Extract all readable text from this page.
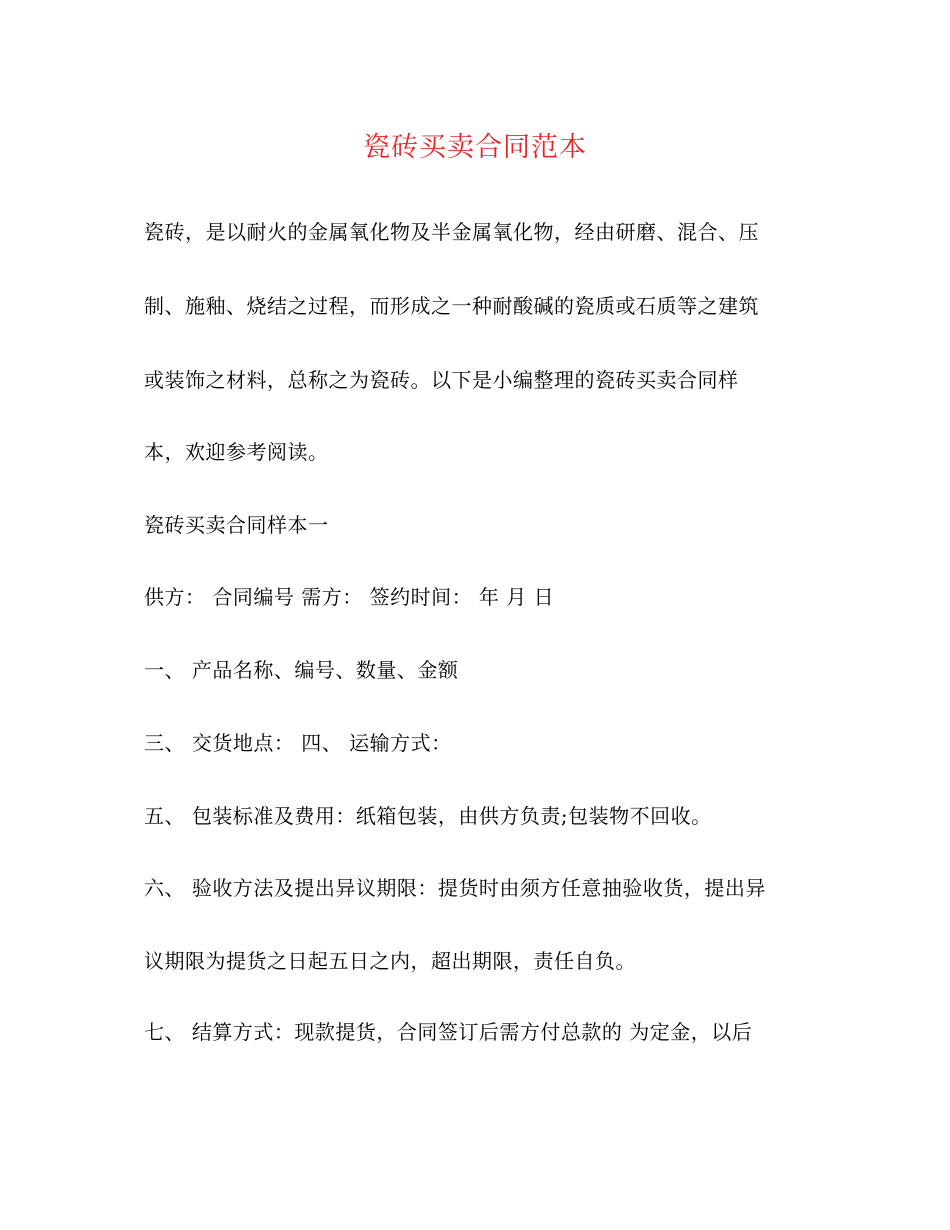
瓷砖买卖合同范本
瓷砖，是以耐火的金属氧化物及半金属氧化物，经由研磨、混合、压
制、施釉、烧结之过程，而形成之一种耐酸碱的瓷质或石质等之建筑
或装饰之材料，总称之为瓷砖。以下是小编整理的瓷砖买卖合同样
本，欢迎参考阅读。
瓷砖买卖合同样本一
供方： 合同编号 需方： 签约时间： 年 月 日
一、 产品名称、编号、数量、金额
三、 交货地点： 四、 运输方式：
五、 包装标准及费用：纸箱包装，由供方负责;包装物不回收。
六、 验收方法及提出异议期限：提货时由须方任意抽验收货，提出异
议期限为提货之日起五日之内，超出期限，责任自负。
七、 结算方式：现款提货，合同签订后需方付总款的 为定金，以后
